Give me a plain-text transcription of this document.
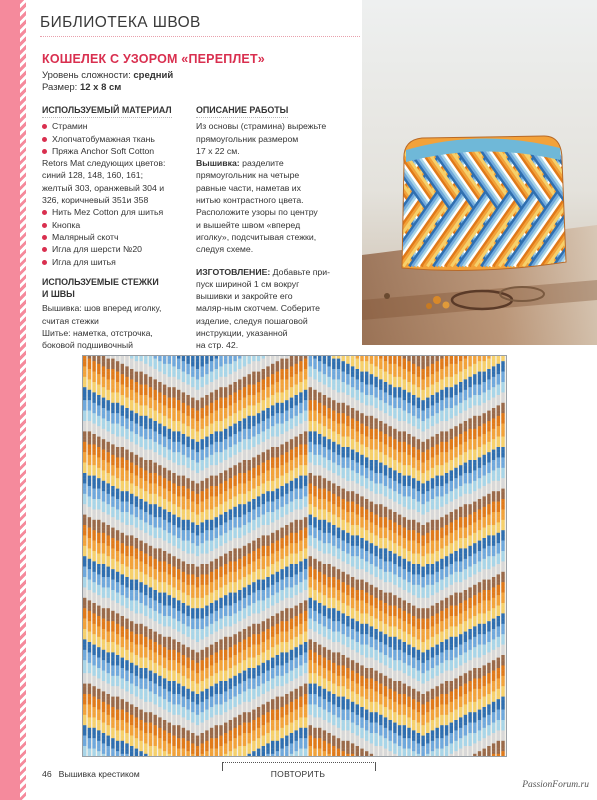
БИБЛИОТЕКА ШВОВ
КОШЕЛЕК С УЗОРОМ «ПЕРЕПЛЕТ»
Уровень сложности: средний
Размер: 12 x 8 см
ИСПОЛЬЗУЕМЫЙ МАТЕРИАЛ
Страмин
Хлопчатобумажная ткань
Пряжа Anchor Soft Cotton
Retors Mat следующих цветов:
синий 128, 148, 160, 161;
желтый 303, оранжевый 304 и
326, коричневый 351и 358
Нить Mez Cotton для шитья
Кнопка
Малярный скотч
Игла для шерсти №20
Игла для шитья
ИСПОЛЬЗУЕМЫЕ СТЕЖКИ
И ШВЫ
Вышивка: шов вперед иголку,
считая стежки
Шитье: наметка, отстрочка,
боковой подшивочный
ОПИСАНИЕ РАБОТЫ
Из основы (страмина) вырежьте
прямоугольник размером
17 x 22 см.
Вышивка: разделите
прямоугольник на четыре
равные части, наметав их
нитью контрастного цвета.
Расположите узоры по центру
и вышейте швом «вперед
иголку», подсчитывая стежки,
следуя схеме.
ИЗГОТОВЛЕНИЕ: Добавьте при-
пуск шириной 1 см вокруг
вышивки и закройте его
маляр-ным скотчем. Соберите
изделие, следуя пошаговой
инструкции, указанной
на стр. 42.
ПОВТОРИТЬ
46 Вышивка крестиком
PassionForum.ru
